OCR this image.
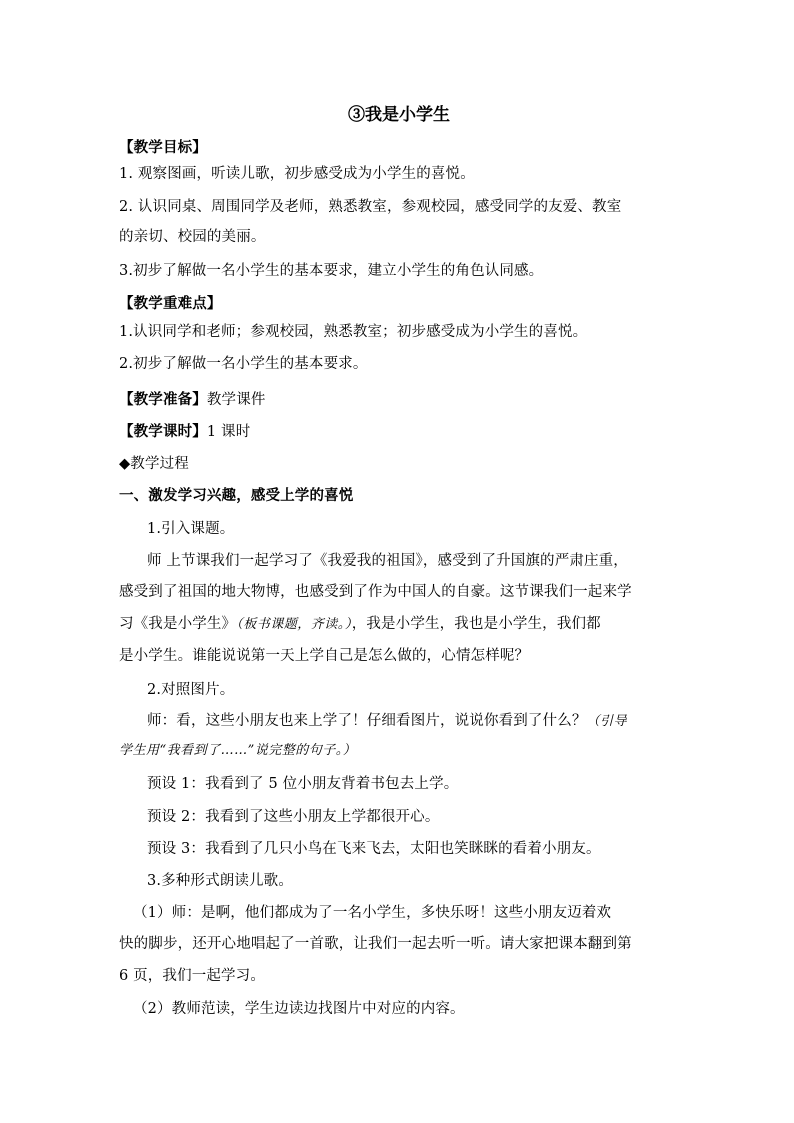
③我是小学生
【教学目标】
1. 观察图画，听读儿歌，初步感受成为小学生的喜悦。
2. 认识同桌、周围同学及老师，熟悉教室，参观校园，感受同学的友爱、教室
的亲切、校园的美丽。
3.初步了解做一名小学生的基本要求，建立小学生的角色认同感。
【教学重难点】
1.认识同学和老师；参观校园，熟悉教室；初步感受成为小学生的喜悦。
2.初步了解做一名小学生的基本要求。
【教学准备】教学课件
【教学课时】1 课时
◆教学过程
一、激发学习兴趣，感受上学的喜悦
1.引入课题。
师 上节课我们一起学习了《我爱我的祖国》，感受到了升国旗的严肃庄重，
感受到了祖国的地大物博，也感受到了作为中国人的自豪。这节课我们一起来学
习《我是小学生》（板书课题，齐读。），我是小学生，我也是小学生，我们都
是小学生。谁能说说第一天上学自己是怎么做的，心情怎样呢？
2.对照图片。
师：看，这些小朋友也来上学了！仔细看图片，说说你看到了什么？（引导
学生用“我看到了……”说完整的句子。）
预设 1：我看到了 5 位小朋友背着书包去上学。
预设 2：我看到了这些小朋友上学都很开心。
预设 3：我看到了几只小鸟在飞来飞去，太阳也笑眯眯的看着小朋友。
3.多种形式朗读儿歌。
（1）师：是啊，他们都成为了一名小学生，多快乐呀！这些小朋友迈着欢
快的脚步，还开心地唱起了一首歌，让我们一起去听一听。请大家把课本翻到第
6 页，我们一起学习。
（2）教师范读，学生边读边找图片中对应的内容。
